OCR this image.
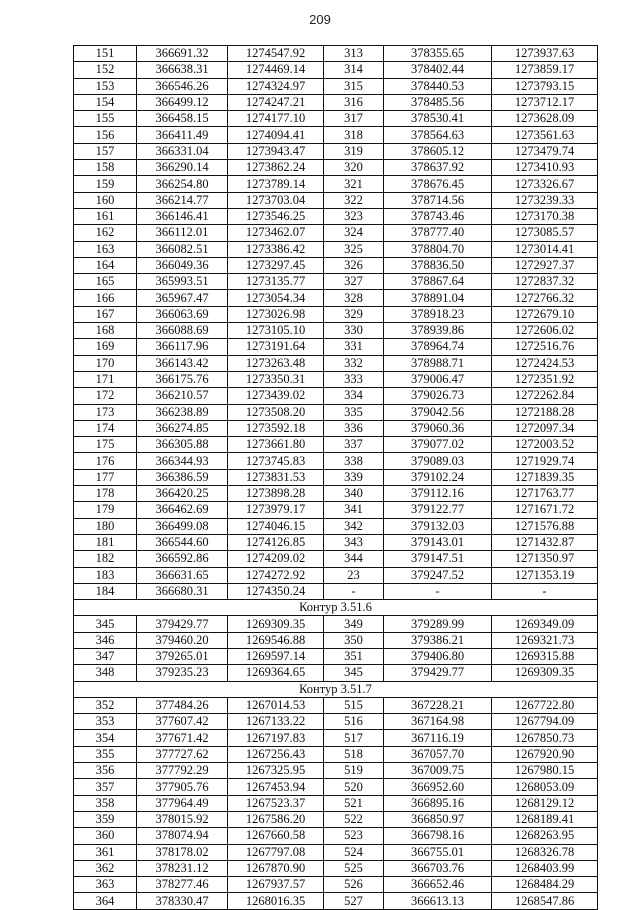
209
151	366691.32	1274547.92	313	378355.65	1273937.63
152	366638.31	1274469.14	314	378402.44	1273859.17
153	366546.26	1274324.97	315	378440.53	1273793.15
154	366499.12	1274247.21	316	378485.56	1273712.17
155	366458.15	1274177.10	317	378530.41	1273628.09
156	366411.49	1274094.41	318	378564.63	1273561.63
157	366331.04	1273943.47	319	378605.12	1273479.74
158	366290.14	1273862.24	320	378637.92	1273410.93
159	366254.80	1273789.14	321	378676.45	1273326.67
160	366214.77	1273703.04	322	378714.56	1273239.33
161	366146.41	1273546.25	323	378743.46	1273170.38
162	366112.01	1273462.07	324	378777.40	1273085.57
163	366082.51	1273386.42	325	378804.70	1273014.41
164	366049.36	1273297.45	326	378836.50	1272927.37
165	365993.51	1273135.77	327	378867.64	1272837.32
166	365967.47	1273054.34	328	378891.04	1272766.32
167	366063.69	1273026.98	329	378918.23	1272679.10
168	366088.69	1273105.10	330	378939.86	1272606.02
169	366117.96	1273191.64	331	378964.74	1272516.76
170	366143.42	1273263.48	332	378988.71	1272424.53
171	366175.76	1273350.31	333	379006.47	1272351.92
172	366210.57	1273439.02	334	379026.73	1272262.84
173	366238.89	1273508.20	335	379042.56	1272188.28
174	366274.85	1273592.18	336	379060.36	1272097.34
175	366305.88	1273661.80	337	379077.02	1272003.52
176	366344.93	1273745.83	338	379089.03	1271929.74
177	366386.59	1273831.53	339	379102.24	1271839.35
178	366420.25	1273898.28	340	379112.16	1271763.77
179	366462.69	1273979.17	341	379122.77	1271671.72
180	366499.08	1274046.15	342	379132.03	1271576.88
181	366544.60	1274126.85	343	379143.01	1271432.87
182	366592.86	1274209.02	344	379147.51	1271350.97
183	366631.65	1274272.92	23	379247.52	1271353.19
184	366680.31	1274350.24	-	-	-
Контур 3.51.6					
345	379429.77	1269309.35	349	379289.99	1269349.09
346	379460.20	1269546.88	350	379386.21	1269321.73
347	379265.01	1269597.14	351	379406.80	1269315.88
348	379235.23	1269364.65	345	379429.77	1269309.35
Контур 3.51.7					
352	377484.26	1267014.53	515	367228.21	1267722.80
353	377607.42	1267133.22	516	367164.98	1267794.09
354	377671.42	1267197.83	517	367116.19	1267850.73
355	377727.62	1267256.43	518	367057.70	1267920.90
356	377792.29	1267325.95	519	367009.75	1267980.15
357	377905.76	1267453.94	520	366952.60	1268053.09
358	377964.49	1267523.37	521	366895.16	1268129.12
359	378015.92	1267586.20	522	366850.97	1268189.41
360	378074.94	1267660.58	523	366798.16	1268263.95
361	378178.02	1267797.08	524	366755.01	1268326.78
362	378231.12	1267870.90	525	366703.76	1268403.99
363	378277.46	1267937.57	526	366652.46	1268484.29
364	378330.47	1268016.35	527	366613.13	1268547.86
